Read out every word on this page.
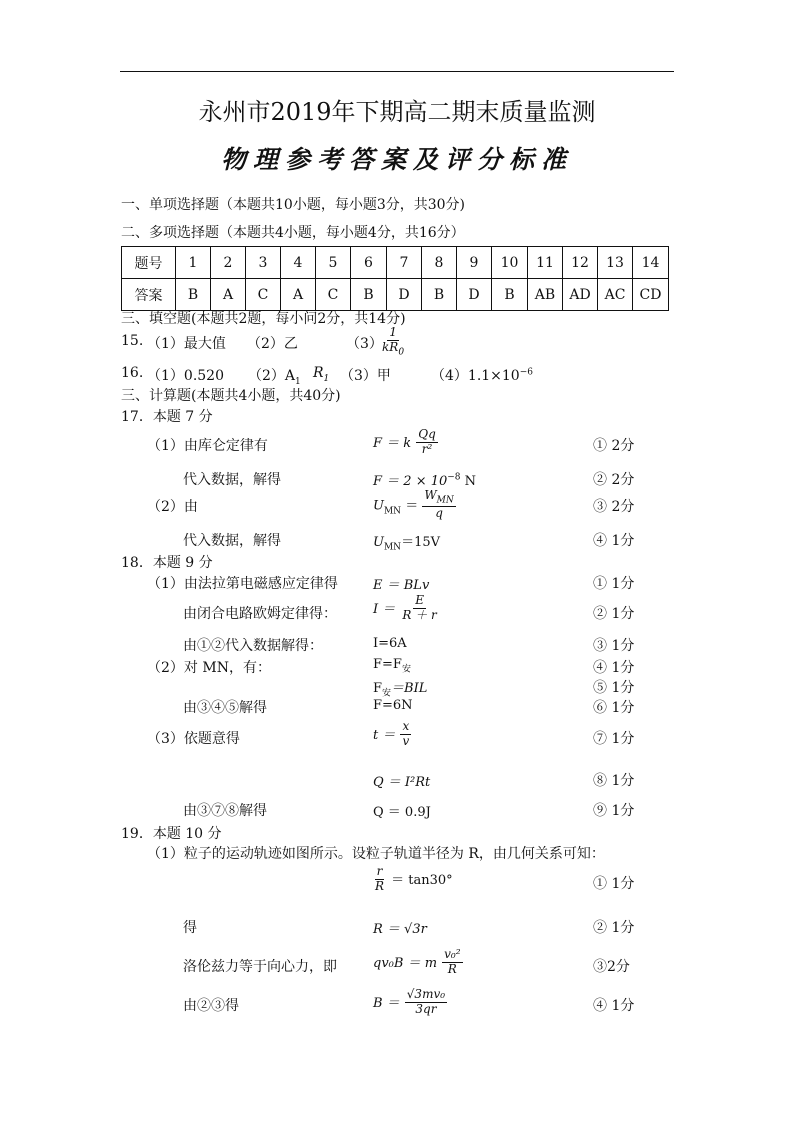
永州市2019年下期高二期末质量监测
物理参考答案及评分标准
一、单项选择题（本题共10小题，每小题3分，共30分)
二、多项选择题（本题共4小题，每小题4分，共16分）
题号	1	2	3	4	5	6	7	8	9	10	11	12	13	14
答案	B	A	C	A	C	B	D	B	D	B	AB	AD	AC	CD
三、填空题(本题共2题，每小问2分，共14分)
15. （1）最大值 （2）乙	（3）
$\frac{1}{kR_0}$
16. （1）0.520 $(2)A_1$
$R_1$ （3）甲	$(4)1.1\times 10^{-6}$
三、计算题(本题共4小题，共40分)
17．本题 7 分
（1）由库仑定律有	F ＝ k $\frac{Qq}{\text{r²}}$	① 2分
代入数据，解得	$F = 2 \times 10^{-8}$ N	② 2分
（2）由	$U_{MN} = \frac{W_{MN}}{q}$	③ 2分
代入数据，解得	$U_{MN}=15V$	④ 1分
18．本题 9 分
（1）由法拉第电磁感应定律得	E ＝ BLv	① 1分
由闭合电路欧姆定律得：	$I = \frac{E}{R + r}$	② 1分
由①②代入数据解得：	I=6A	③ 1分
（2）对 MN，有：	$F=F_安$	④ 1分
$F_安=BIL$	⑤ 1分
由③④⑤解得	F=6N	⑥ 1分
（3）依题意得	$t = \frac{x}{v}$	⑦ 1分
Q ＝ I²Rt	⑧ 1分
由③⑦⑧解得	Q ＝ 0.9J	⑨ 1分
19．本题 10 分
（1）粒子的运动轨迹如图所示。设粒子轨道半径为 R，由几何关系可知：
$\frac{r}{R} = \tan 30^\circ$	① 1分
得	R ＝ √3r	② 1分
洛伦兹力等于向心力，即	qv₀B ＝ m $\frac{\text{v₀²}}{R}$	③2分
由②③得	$B = \frac{\text{√3mv₀}}{3qr}$	④ 1分
